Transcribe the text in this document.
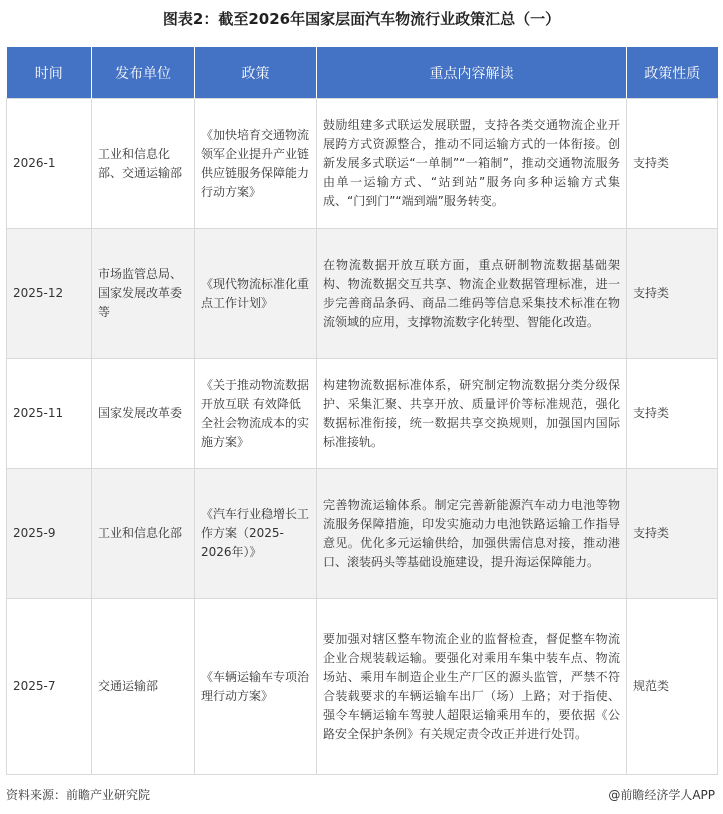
图表2：截至2026年国家层面汽车物流行业政策汇总（一）
时间	发布单位	政策	重点内容解读	政策性质
2026-1	工业和信息化部、交通运输部	《加快培育交通物流领军企业提升产业链供应链服务保障能力行动方案》	鼓励组建多式联运发展联盟，支持各类交通物流企业开展跨方式资源整合，推动不同运输方式的一体衔接。创新发展多式联运“一单制”“一箱制”，推动交通物流服务由单一运输方式、“站到站”服务向多种运输方式集成、“门到门”“端到端”服务转变。	支持类
2025-12	市场监管总局、国家发展改革委等	《现代物流标准化重点工作计划》	在物流数据开放互联方面，重点研制物流数据基础架构、物流数据交互共享、物流企业数据管理标准，进一步完善商品条码、商品二维码等信息采集技术标准在物流领域的应用，支撑物流数字化转型、智能化改造。	支持类
2025-11	国家发展改革委	《关于推动物流数据开放互联 有效降低全社会物流成本的实施方案》	构建物流数据标准体系，研究制定物流数据分类分级保护、采集汇聚、共享开放、质量评价等标准规范，强化数据标准衔接，统一数据共享交换规则，加强国内国际标准接轨。	支持类
2025-9	工业和信息化部	《汽车行业稳增长工作方案（2025-2026年）》	完善物流运输体系。制定完善新能源汽车动力电池等物流服务保障措施，印发实施动力电池铁路运输工作指导意见。优化多元运输供给，加强供需信息对接，推动港口、滚装码头等基础设施建设，提升海运保障能力。	支持类
2025-7	交通运输部	《车辆运输车专项治理行动方案》	要加强对辖区整车物流企业的监督检查，督促整车物流企业合规装载运输。要强化对乘用车集中装车点、物流场站、乘用车制造企业生产厂区的源头监管，严禁不符合装载要求的车辆运输车出厂（场）上路；对于指使、强令车辆运输车驾驶人超限运输乘用车的，要依据《公路安全保护条例》有关规定责令改正并进行处罚。	规范类
资料来源：前瞻产业研究院	@前瞻经济学人APP
